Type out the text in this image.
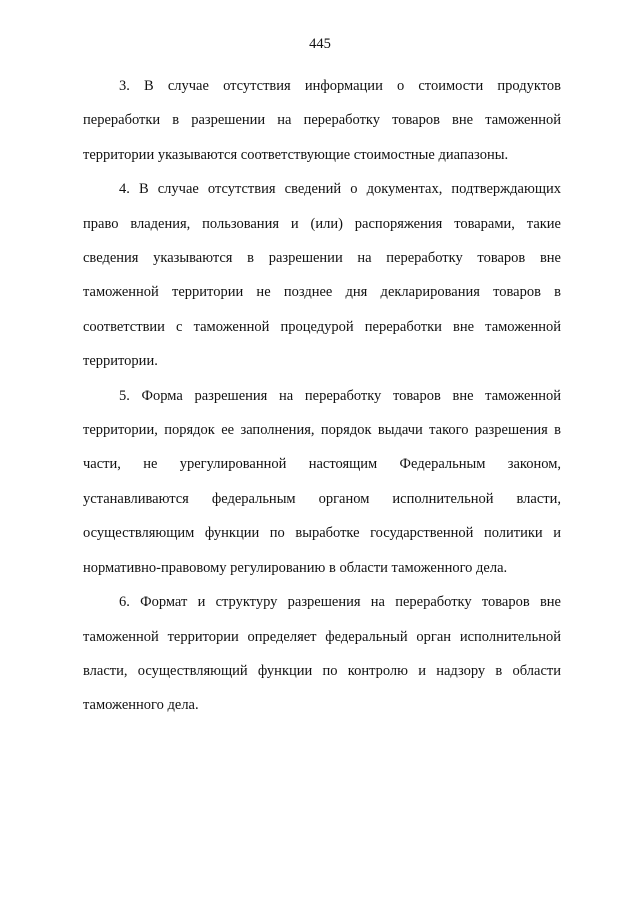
445

3. В случае отсутствия информации о стоимости продуктов переработки в разрешении на переработку товаров вне таможенной территории указываются соответствующие стоимостные диапазоны.

4. В случае отсутствия сведений о документах, подтверждающих право владения, пользования и (или) распоряжения товарами, такие сведения указываются в разрешении на переработку товаров вне таможенной территории не позднее дня декларирования товаров в соответствии с таможенной процедурой переработки вне таможенной территории.

5. Форма разрешения на переработку товаров вне таможенной территории, порядок ее заполнения, порядок выдачи такого разрешения в части, не урегулированной настоящим Федеральным законом, устанавливаются федеральным органом исполнительной власти, осуществляющим функции по выработке государственной политики и нормативно-правовому регулированию в области таможенного дела.

6. Формат и структуру разрешения на переработку товаров вне таможенной территории определяет федеральный орган исполнительной власти, осуществляющий функции по контролю и надзору в области таможенного дела.
